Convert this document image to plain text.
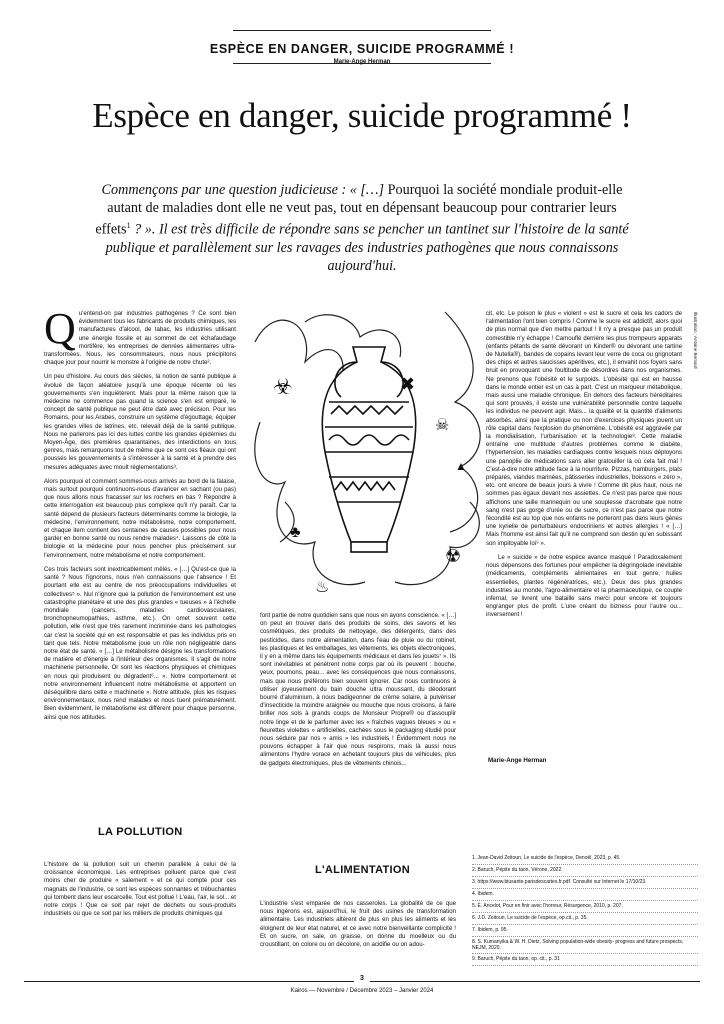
ESPÈCE EN DANGER, SUICIDE PROGRAMMÉ !
Marie-Ange Herman
Espèce en danger, suicide programmé !
Commençons par une question judicieuse : « […] Pourquoi la société mondiale produit-elle autant de maladies dont elle ne veut pas, tout en dépensant beaucoup pour contrarier leurs effets$^1$ ? ». Il est très difficile de répondre sans se pencher un tantinet sur l'histoire de la santé publique et parallèlement sur les ravages des industries pathogènes que nous connaissons aujourd'hui.

Qu'entend-on par industries pathogènes ? Ce sont bien évidemment tous les fabricants de produits chimiques, les manufactures d'alcool, de tabac, les industries utilisant une énergie fossile et au sommet de cet échafaudage mortifère, les entreprises de denrées alimentaires ultra-transformées. Nous, les consommateurs, nous nous précipitons chaque jour pour nourrir le monstre à l'origine de notre chute².

Un peu d'histoire. Au cours des siècles, la notion de santé publique a évolué de façon aléatoire jusqu'à une époque récente où les gouvernements s'en inquiétèrent. Mais pour la même raison que la médecine ne commence pas quand la science s'en est emparé, le concept de santé publique ne peut être daté avec précision. Pour les Romains, pour les Arabes, construire un système d'égouttage, équiper les grandes villes de latrines, etc. relevait déjà de la santé publique. Nous ne parlerons pas ici des luttes contre les grandes épidémies du Moyen-Âge, des premières quarantaines, des interdictions en tous genres, mais remarquons tout de même que ce sont ces fléaux qui ont poussés les gouvernements à s'intéresser à la santé et à prendre des mesures adéquates avec moult réglementations³.

Alors pourquoi et comment sommes-nous arrivés au bord de la falaise, mais surtout pourquoi continuons-nous d'avancer en sachant (ou pas) que nous allons nous fracasser sur les rochers en bas ? Répondre à cette interrogation est beaucoup plus complexe qu'il n'y paraît. Car la santé dépend de plusieurs facteurs déterminants comme la biologie, la médecine, l'environnement, notre métabolisme, notre comportement, et chaque item contient des centaines de causes possibles pour nous garder en bonne santé ou nous rendre malades⁴. Laissons de côté la biologie et la médecine pour nous pencher plus précisément sur l'environnement, notre métabolisme et notre comportement.

Ces trois facteurs sont inextricablement mêlés. « […] Qu'est-ce que la santé ? Nous l'ignorons, nous n'en connaissons que l'absence ! Et pourtant elle est au centre de nos préoccupations individuelles et collectives⁵ ». Nul n'ignore que la pollution de l'environnement est une catastrophe planétaire et une des plus grandes « tueuses » à l'échelle mondiale (cancers, maladies cardiovasculaires, bronchopneumopathies, asthme, etc.). On omet souvent cette pollution, elle n'est que très rarement incriminée dans les pathologies car c'est la société qui en est responsable et pas les individus pris en tant que tels. Notre métabolisme joue un rôle non négligeable dans notre état de santé. « […] Le métabolisme désigne les transformations de matière et d'énergie à l'intérieur des organismes. Il s'agit de notre machinerie personnelle. Or sont les réactions physiques et chimiques en nous qui produisent ou dégradent⁶... ». Notre comportement et notre environnement influencent notre métabolisme et apportent un déséquilibre dans cette « machinerie ». Notre attitude, plus les risques environnementaux, nous rend malades et nous tuent prématurément. Bien évidemment, le métabolisme est différent pour chaque personne, ainsi que nos attitudes.

☣	✖
☠
▲
♨
♣
☢
Illustration : Antoine Bernard

font partie de notre quotidien sans que nous en ayons conscience. « […] on peut en trouver dans des produits de soins, des savons et les cosmétiques, des produits de nettoyage, des détergents, dans des pesticides, dans notre alimentation, dans l'eau de pluie ou du robinet, les plastiques et les emballages, les vêtements, les objets électroniques, il y en a même dans les équipements médicaux et dans les jouets⁷ ». Ils sont inévitables et pénètrent notre corps par où ils peuvent : bouche, yeux, poumons, peau... avec les conséquences que nous connaissons, mais que nous préférons bien souvent ignorer. Car nous continuons à utiliser joyeusement du bain douche ultra moussant, du déodorant bourré d'aluminium, à nous badigeonner de crème solaire, à pulvériser d'insecticide la moindre araignée ou mouche que nous croisons, à faire briller nos sols à grands coups de Monsieur Propre® ou d'assouplir notre linge et de le parfumer avec les « fraîches vagues bleues » ou « fleurettes violettes » artificielles, cachées sous le packaging étudié pour nous séduire par nos « amis » les industriels ! Évidemment nous ne pouvons échapper à l'air que nous respirons, mais là aussi nous alimentons l'hydre vorace en achetant toujours plus de véhicules, plus de gadgets électroniques, plus de vêtements chinois...

cit, etc. Le poison le plus « violent » est le sucre et cela les cadors de l'alimentation l'ont bien compris ! Comme le sucre est addictif, alors quoi de plus normal que d'en mettre partout ! Il n'y a presque pas un produit comestible n'y échappe ! Camouflé derrière les plus trompeurs apparats (enfants pétants de santé dévorant un Kinder® ou dévorant une tartine de Nutella®), bandes de copains levant leur verre de coca ou grignotant des chips et autres saucisses apéritives, etc.), il envahit nos foyers sans bruit en provoquant une foultitude de désordres dans nos organismes. Ne prenons que l'obésité et le surpoids. L'obésité qui est en hausse dans le monde entier est un cas à part. C'est un marqueur métabolique, mais aussi une maladie chronique. En dehors des facteurs héréditaires qui sont prouvés, il existe une vulnérabilité personnelle contre laquelle les individus ne peuvent agir. Mais... la qualité et la quantité d'aliments absorbés, ainsi que la pratique ou non d'exercices physiques jouent un rôle capital dans l'explosion du phénomène. L'obésité est aggravée par la mondialisation, l'urbanisation et la technologie⁸. Cette maladie entraîne une multitude d'autres problèmes comme le diabète, l'hypertension, les maladies cardiaques contre lesquels nous déployons une panoplie de médications sans aller gratouiller là où cela fait mal ! C'est-à-dire notre attitude face à la nourriture. Pizzas, hamburgers, plats préparés, viandes marinées, pâtisseries industrielles, boissons « zéro », etc. ont encore de beaux jours à vivre ! Comme dit plus haut, nous ne sommes pas égaux devant nos assiettes. Ce n'est pas parce que nous affichons une taille mannequin ou une souplesse d'acrobate que notre sang n'est pas gorgé d'urée ou de sucre, ce n'est pas parce que notre fécondité est au top que nos enfants ne porteront pas dans leurs gènes une kyrielle de perturbateurs endocriniens et autres allergies ! « […] Mais l'homme est ainsi fait qu'il ne comprend son destin qu'en subissant son impitoyable loi⁹ ».

Le « suicide » de notre espèce avance masqué ! Paradoxalement nous dépensons des fortunes pour empêcher la dégringolade inévitable (médicaments, compléments alimentaires en tout genre, huiles essentielles, plantes régénératrices, etc.). Deux des plus grandes industries au monde, l'agro-alimentaire et la pharmaceutique, ce couple infernal, se livrent une bataille sans merci pour encore et toujours engranger plus de profit. L'une créant du bizness pour l'autre ou... inversement !

Marie-Ange Herman
LA POLLUTION
L'histoire de la pollution suit un chemin parallèle à celui de la croissance économique. Les entreprises polluent parce que c'est moins cher de produire « salement » et ce qui compte pour ces magnats de l'industrie, ce sont les espèces sonnantes et trébuchantes qui tombent dans leur escarcelle. Tout est pollué ! L'eau, l'air, le sol... et notre corps ! Que ce soit par rejet de déchets ou sous-produits industriels ou que ce soit par les milliers de produits chimiques qui
L'ALIMENTATION
L'industrie s'est emparée de nos casseroles. La globalité de ce que nous ingérons est, aujourd'hui, le fruit des usines de transformation alimentaire. Les industriels altèrent de plus en plus les aliments et les éloignent de leur état naturel, et ce avec notre bienveillante complicité ! Et on sucre, on sale, on graisse, on donne du moelleux ou du croustillant, on colore ou on décolore, on acidifie ou on adou-
1. Jean-David Zeitoun, Le suicide de l'espèce, Denoël, 2023, p. 45.
2. Baruch, Pépite du taon, Vérone, 2022.
3. https://www.biusante.parisdescartes.fr.pdf. Consulté sur Internet le 17/10/23.
4. Ibidem.
5. É. Ancelot, Pour en finir avec l'horreur, Résurgence, 2010, p. 207.
6. J.D. Zeitoun, Le suicide de l'espèce, op.cit., p. 35.
7. Ibidem, p. 95.
8. S. Kumanyika & W. H. Dietz, Solving population-wide obesity- progress and future prospects, NEJM, 2020.
9. Baruch, Pépite du taon, op. cit., p. 31
3
Kairos — Novembre / Décembre 2023 – Janvier 2024
